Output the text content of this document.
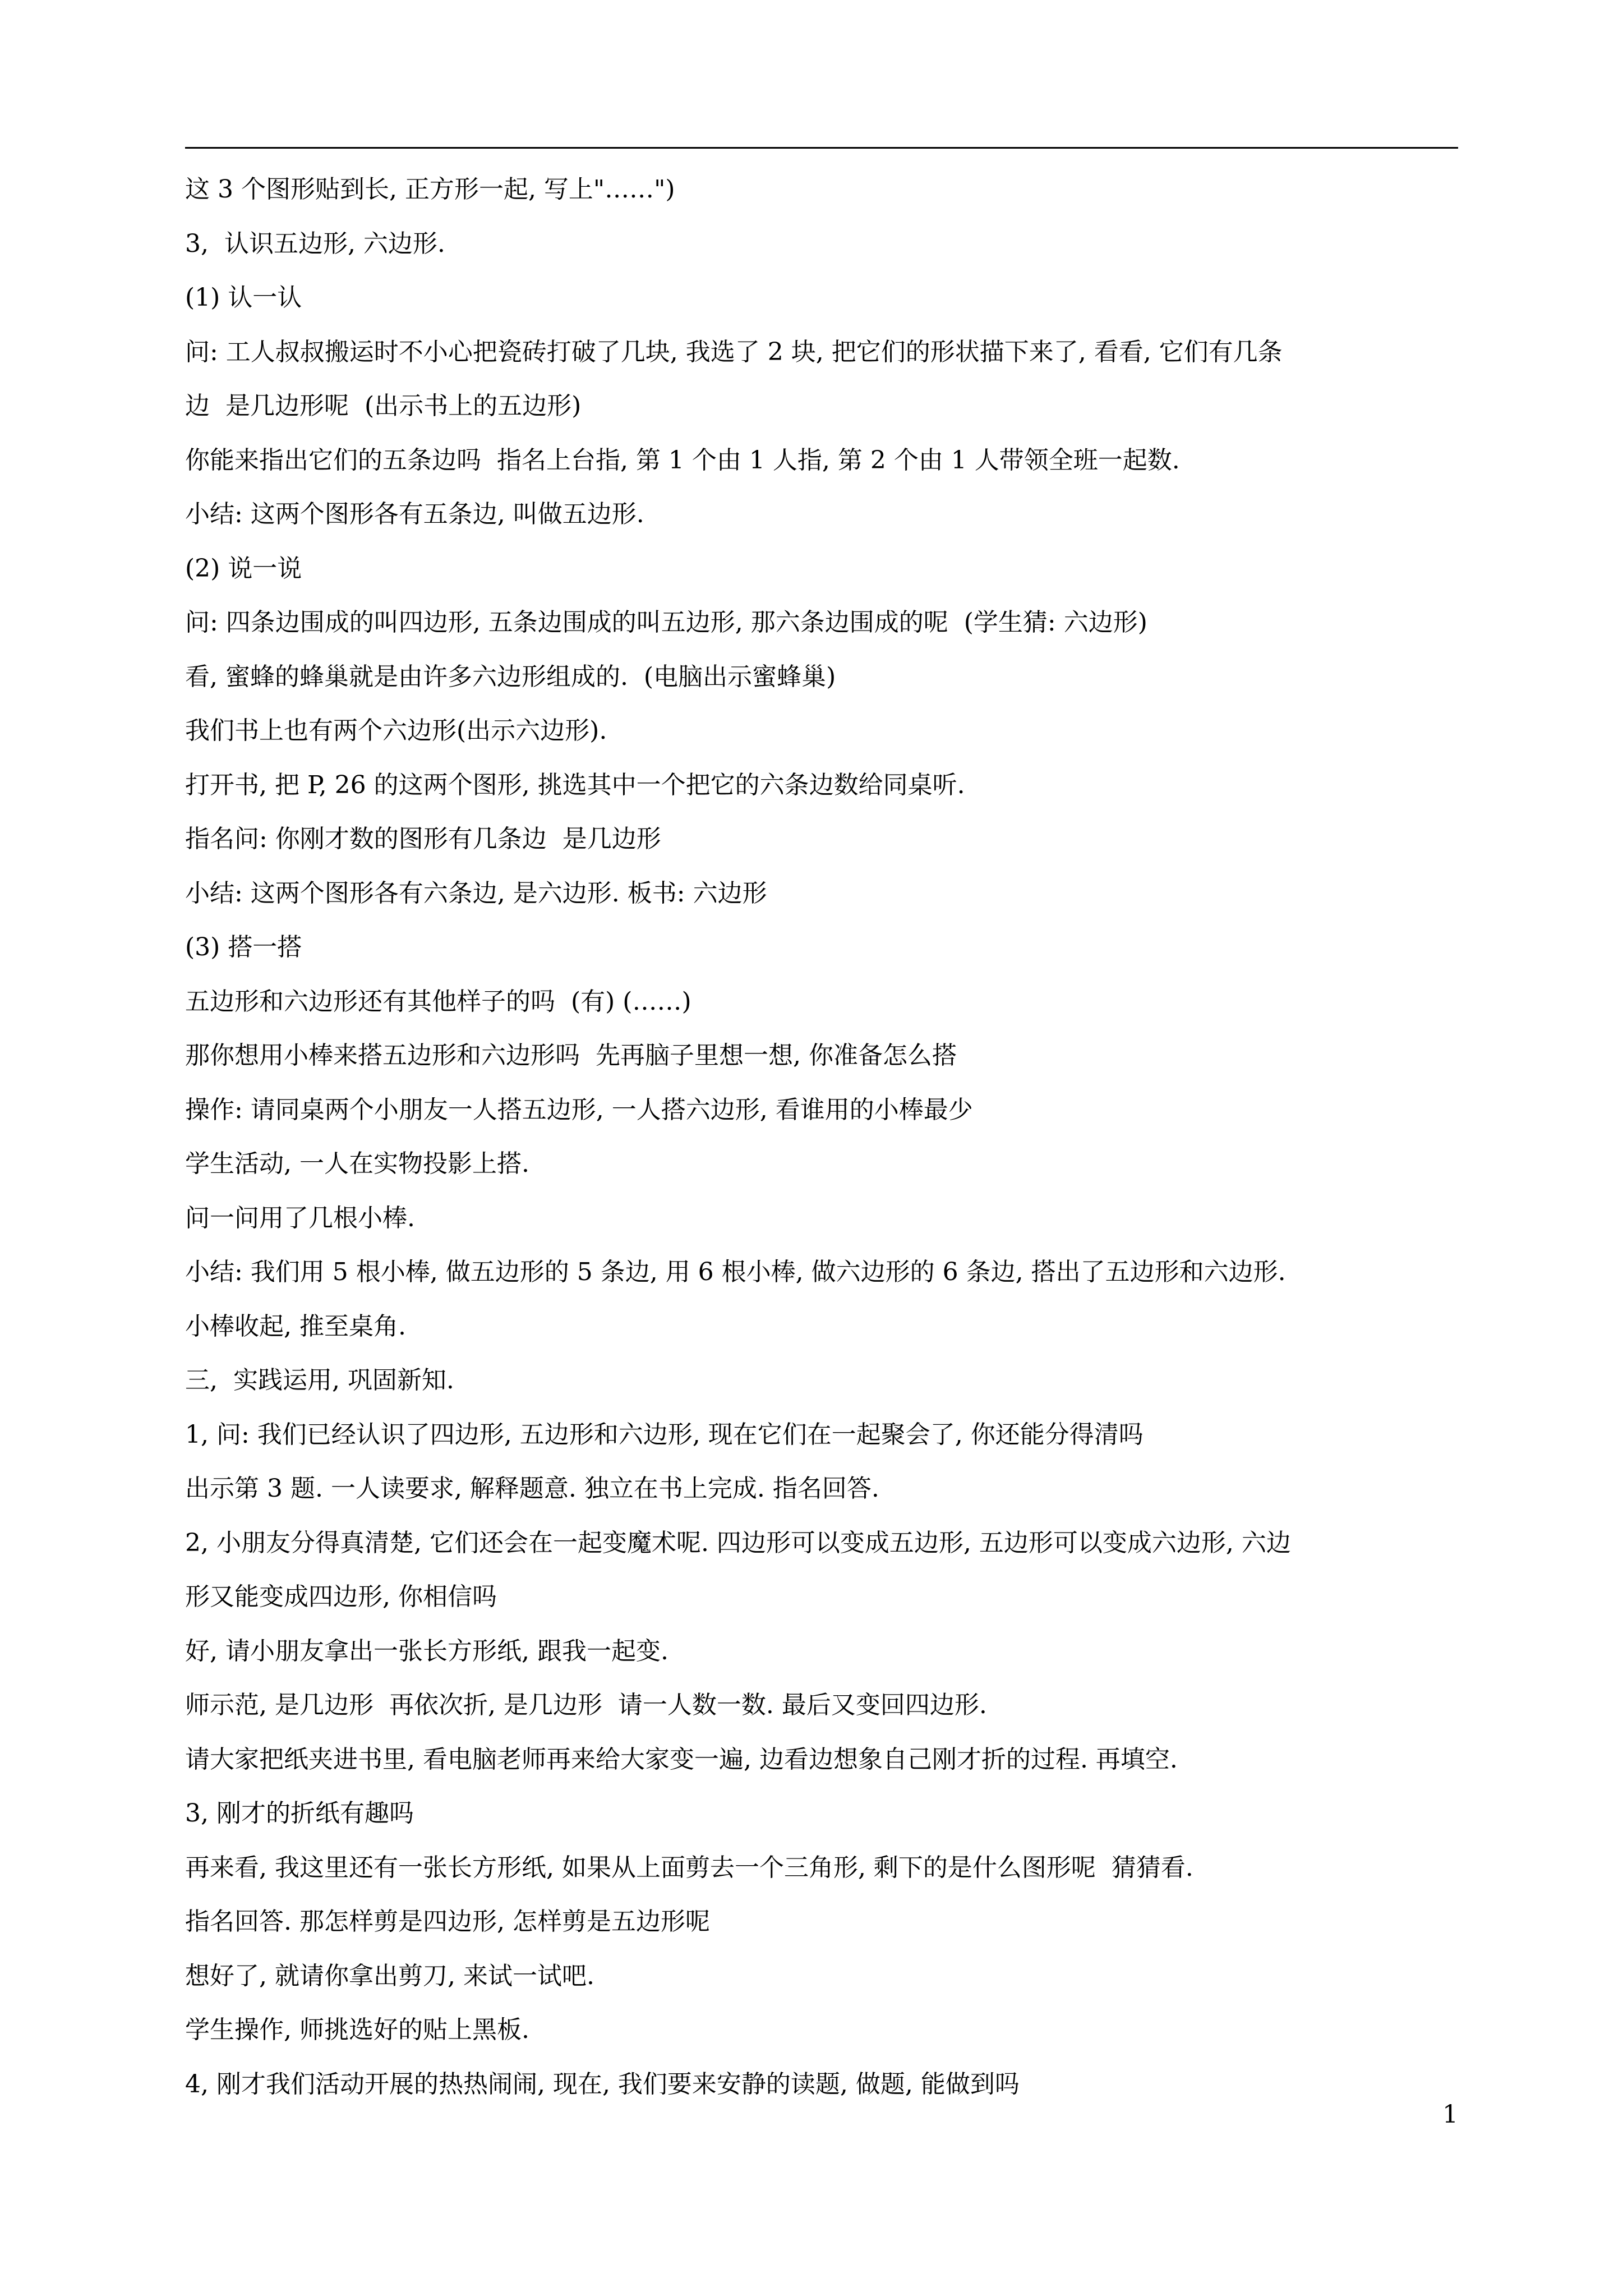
这 3 个图形贴到长, 正方形一起, 写上"……")

3,  认识五边形, 六边形.

(1) 认一认

问: 工人叔叔搬运时不小心把瓷砖打破了几块, 我选了 2 块, 把它们的形状描下来了, 看看, 它们有几条

边  是几边形呢  (出示书上的五边形)

你能来指出它们的五条边吗  指名上台指, 第 1 个由 1 人指, 第 2 个由 1 人带领全班一起数.

小结: 这两个图形各有五条边, 叫做五边形.

(2) 说一说

问: 四条边围成的叫四边形, 五条边围成的叫五边形, 那六条边围成的呢  (学生猜: 六边形)

看, 蜜蜂的蜂巢就是由许多六边形组成的.  (电脑出示蜜蜂巢)

我们书上也有两个六边形(出示六边形).

打开书, 把 P, 26 的这两个图形, 挑选其中一个把它的六条边数给同桌听.

指名问: 你刚才数的图形有几条边  是几边形

小结: 这两个图形各有六条边, 是六边形. 板书: 六边形

(3) 搭一搭

五边形和六边形还有其他样子的吗  (有) (……)

那你想用小棒来搭五边形和六边形吗  先再脑子里想一想, 你准备怎么搭

操作: 请同桌两个小朋友一人搭五边形, 一人搭六边形, 看谁用的小棒最少

学生活动, 一人在实物投影上搭.

问一问用了几根小棒.

小结: 我们用 5 根小棒, 做五边形的 5 条边, 用 6 根小棒, 做六边形的 6 条边, 搭出了五边形和六边形.

小棒收起, 推至桌角.

三,  实践运用, 巩固新知.

1, 问: 我们已经认识了四边形, 五边形和六边形, 现在它们在一起聚会了, 你还能分得清吗

出示第 3 题. 一人读要求, 解释题意. 独立在书上完成. 指名回答.

2, 小朋友分得真清楚, 它们还会在一起变魔术呢. 四边形可以变成五边形, 五边形可以变成六边形, 六边

形又能变成四边形, 你相信吗

好, 请小朋友拿出一张长方形纸, 跟我一起变.

师示范, 是几边形  再依次折, 是几边形  请一人数一数. 最后又变回四边形.

请大家把纸夹进书里, 看电脑老师再来给大家变一遍, 边看边想象自己刚才折的过程. 再填空.

3, 刚才的折纸有趣吗

再来看, 我这里还有一张长方形纸, 如果从上面剪去一个三角形, 剩下的是什么图形呢  猜猜看.

指名回答. 那怎样剪是四边形, 怎样剪是五边形呢

想好了, 就请你拿出剪刀, 来试一试吧.

学生操作, 师挑选好的贴上黑板.

4, 刚才我们活动开展的热热闹闹, 现在, 我们要来安静的读题, 做题, 能做到吗

1
